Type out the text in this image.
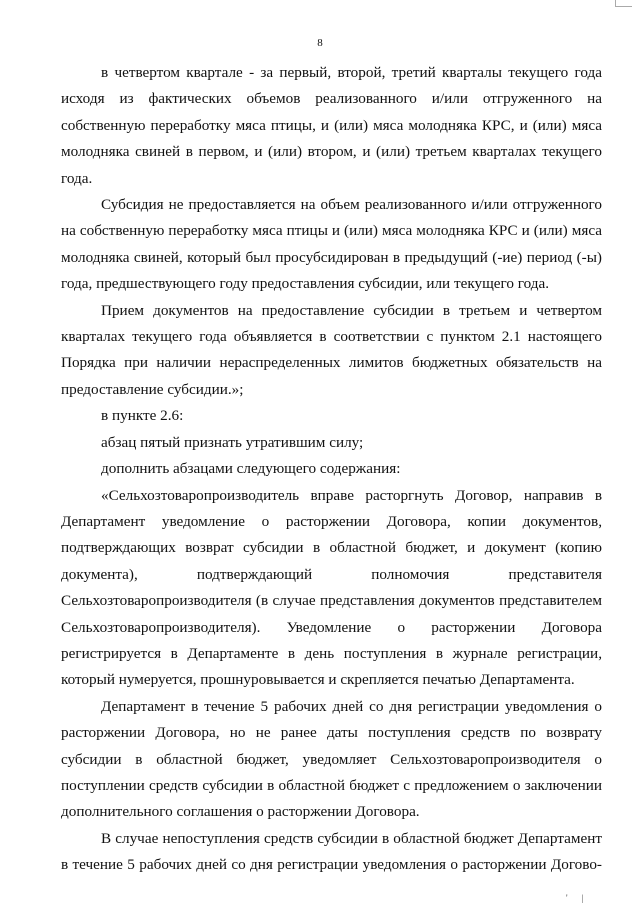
8

в четвертом квартале - за первый, второй, третий кварталы текущего года исходя из фактических объемов реализованного и/или отгруженного на собственную переработку мяса птицы, и (или) мяса молодняка КРС, и (или) мяса молодняка свиней в первом, и (или) втором, и (или) третьем кварталах текущего года.

Субсидия не предоставляется на объем реализованного и/или отгруженного на собственную переработку мяса птицы и (или) мяса молодняка КРС и (или) мяса молодняка свиней, который был просубсидирован в предыдущий (-ие) период (-ы) года, предшествующего году предоставления субсидии, или текущего года.

Прием документов на предоставление субсидии в третьем и четвертом кварталах текущего года объявляется в соответствии с пунктом 2.1 настоящего Порядка при наличии нераспределенных лимитов бюджетных обязательств на предоставление субсидии.»;

в пункте 2.6:

абзац пятый признать утратившим силу;

дополнить абзацами следующего содержания:

«Сельхозтоваропроизводитель вправе расторгнуть Договор, направив в Департамент уведомление о расторжении Договора, копии документов, подтверждающих возврат субсидии в областной бюджет, и документ (копию документа), подтверждающий полномочия представителя Сельхозтоваропроизводителя (в случае представления документов представителем Сельхозтоваропроизводителя). Уведомление о расторжении Договора регистрируется в Департаменте в день поступления в журнале регистрации, который нумеруется, прошнуровывается и скрепляется печатью Департамента.

Департамент в течение 5 рабочих дней со дня регистрации уведомления о расторжении Договора, но не ранее даты поступления средств по возврату субсидии в областной бюджет, уведомляет Сельхозтоваропроизводителя о поступлении средств субсидии в областной бюджет с предложением о заключении дополнительного соглашения о расторжении Договора.

В случае непоступления средств субсидии в областной бюджет Департамент в течение 5 рабочих дней со дня регистрации уведомления о расторжении Догово-

' |
